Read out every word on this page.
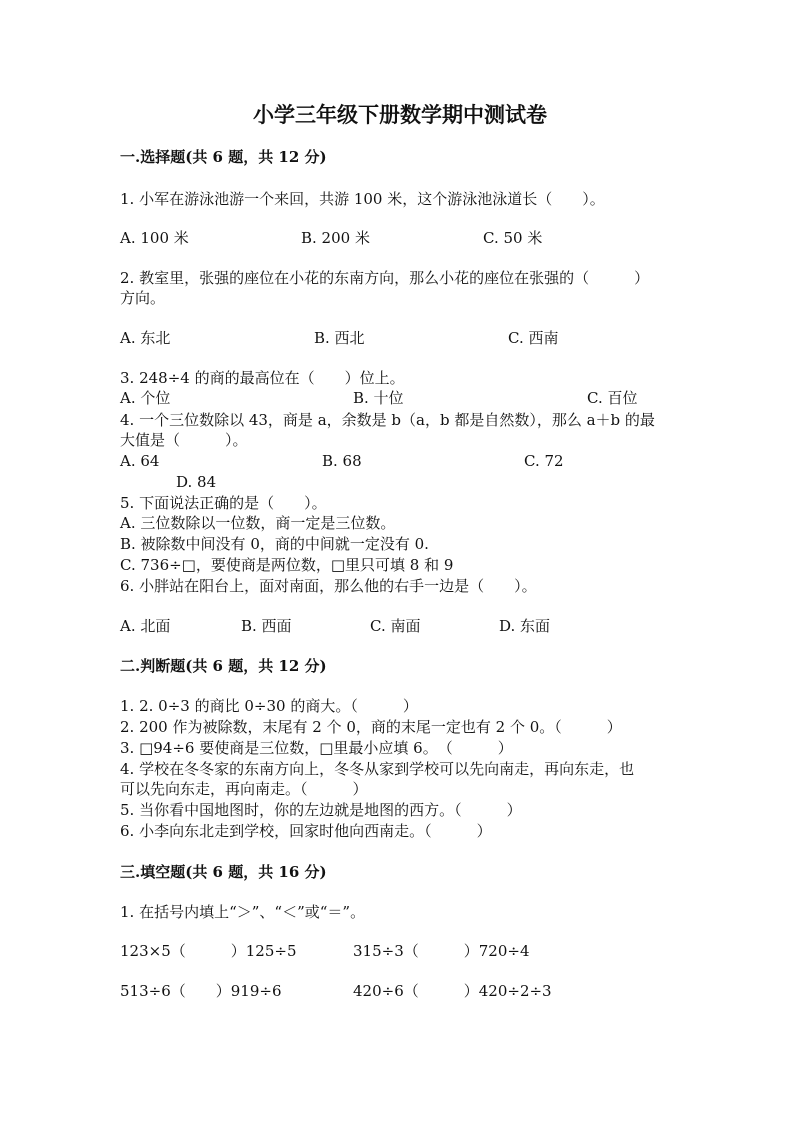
小学三年级下册数学期中测试卷
一.选择题(共 6 题，共 12 分)
1. 小军在游泳池游一个来回，共游 100 米，这个游泳池泳道长（　　）。
A. 100 米	B. 200 米	C. 50 米
2. 教室里，张强的座位在小花的东南方向，那么小花的座位在张强的（　　　）
方向。
A. 东北	B. 西北	C. 西南
3. 248÷4 的商的最高位在（　　）位上。
A. 个位	B. 十位	C. 百位
4. 一个三位数除以 43，商是 a，余数是 b（a，b 都是自然数），那么 a＋b 的最
大值是（　　　）。
A. 64	B. 68	C. 72
D. 84
5. 下面说法正确的是（　　）。
A. 三位数除以一位数，商一定是三位数。
B. 被除数中间没有 0，商的中间就一定没有 0.
C. 736÷□，要使商是两位数，□里只可填 8 和 9
6. 小胖站在阳台上，面对南面，那么他的右手一边是（　　）。
A. 北面	B. 西面	C. 南面	D. 东面
二.判断题(共 6 题，共 12 分)
1. 2. 0÷3 的商比 0÷30 的商大。（　　　）
2. 200 作为被除数，末尾有 2 个 0，商的末尾一定也有 2 个 0。（　　　）
3. □94÷6 要使商是三位数，□里最小应填 6。　（　　　）
4. 学校在冬冬家的东南方向上，冬冬从家到学校可以先向南走，再向东走，也
可以先向东走，再向南走。（　　　）
5. 当你看中国地图时，你的左边就是地图的西方。（　　　）
6. 小李向东北走到学校，回家时他向西南走。（　　　）
三.填空题(共 6 题，共 16 分)
1. 在括号内填上“＞”、“＜”或“＝”。
123×5（　　　）125÷5	315÷3（　　　）720÷4
513÷6（　　）919÷6	420÷6（　　　）420÷2÷3
